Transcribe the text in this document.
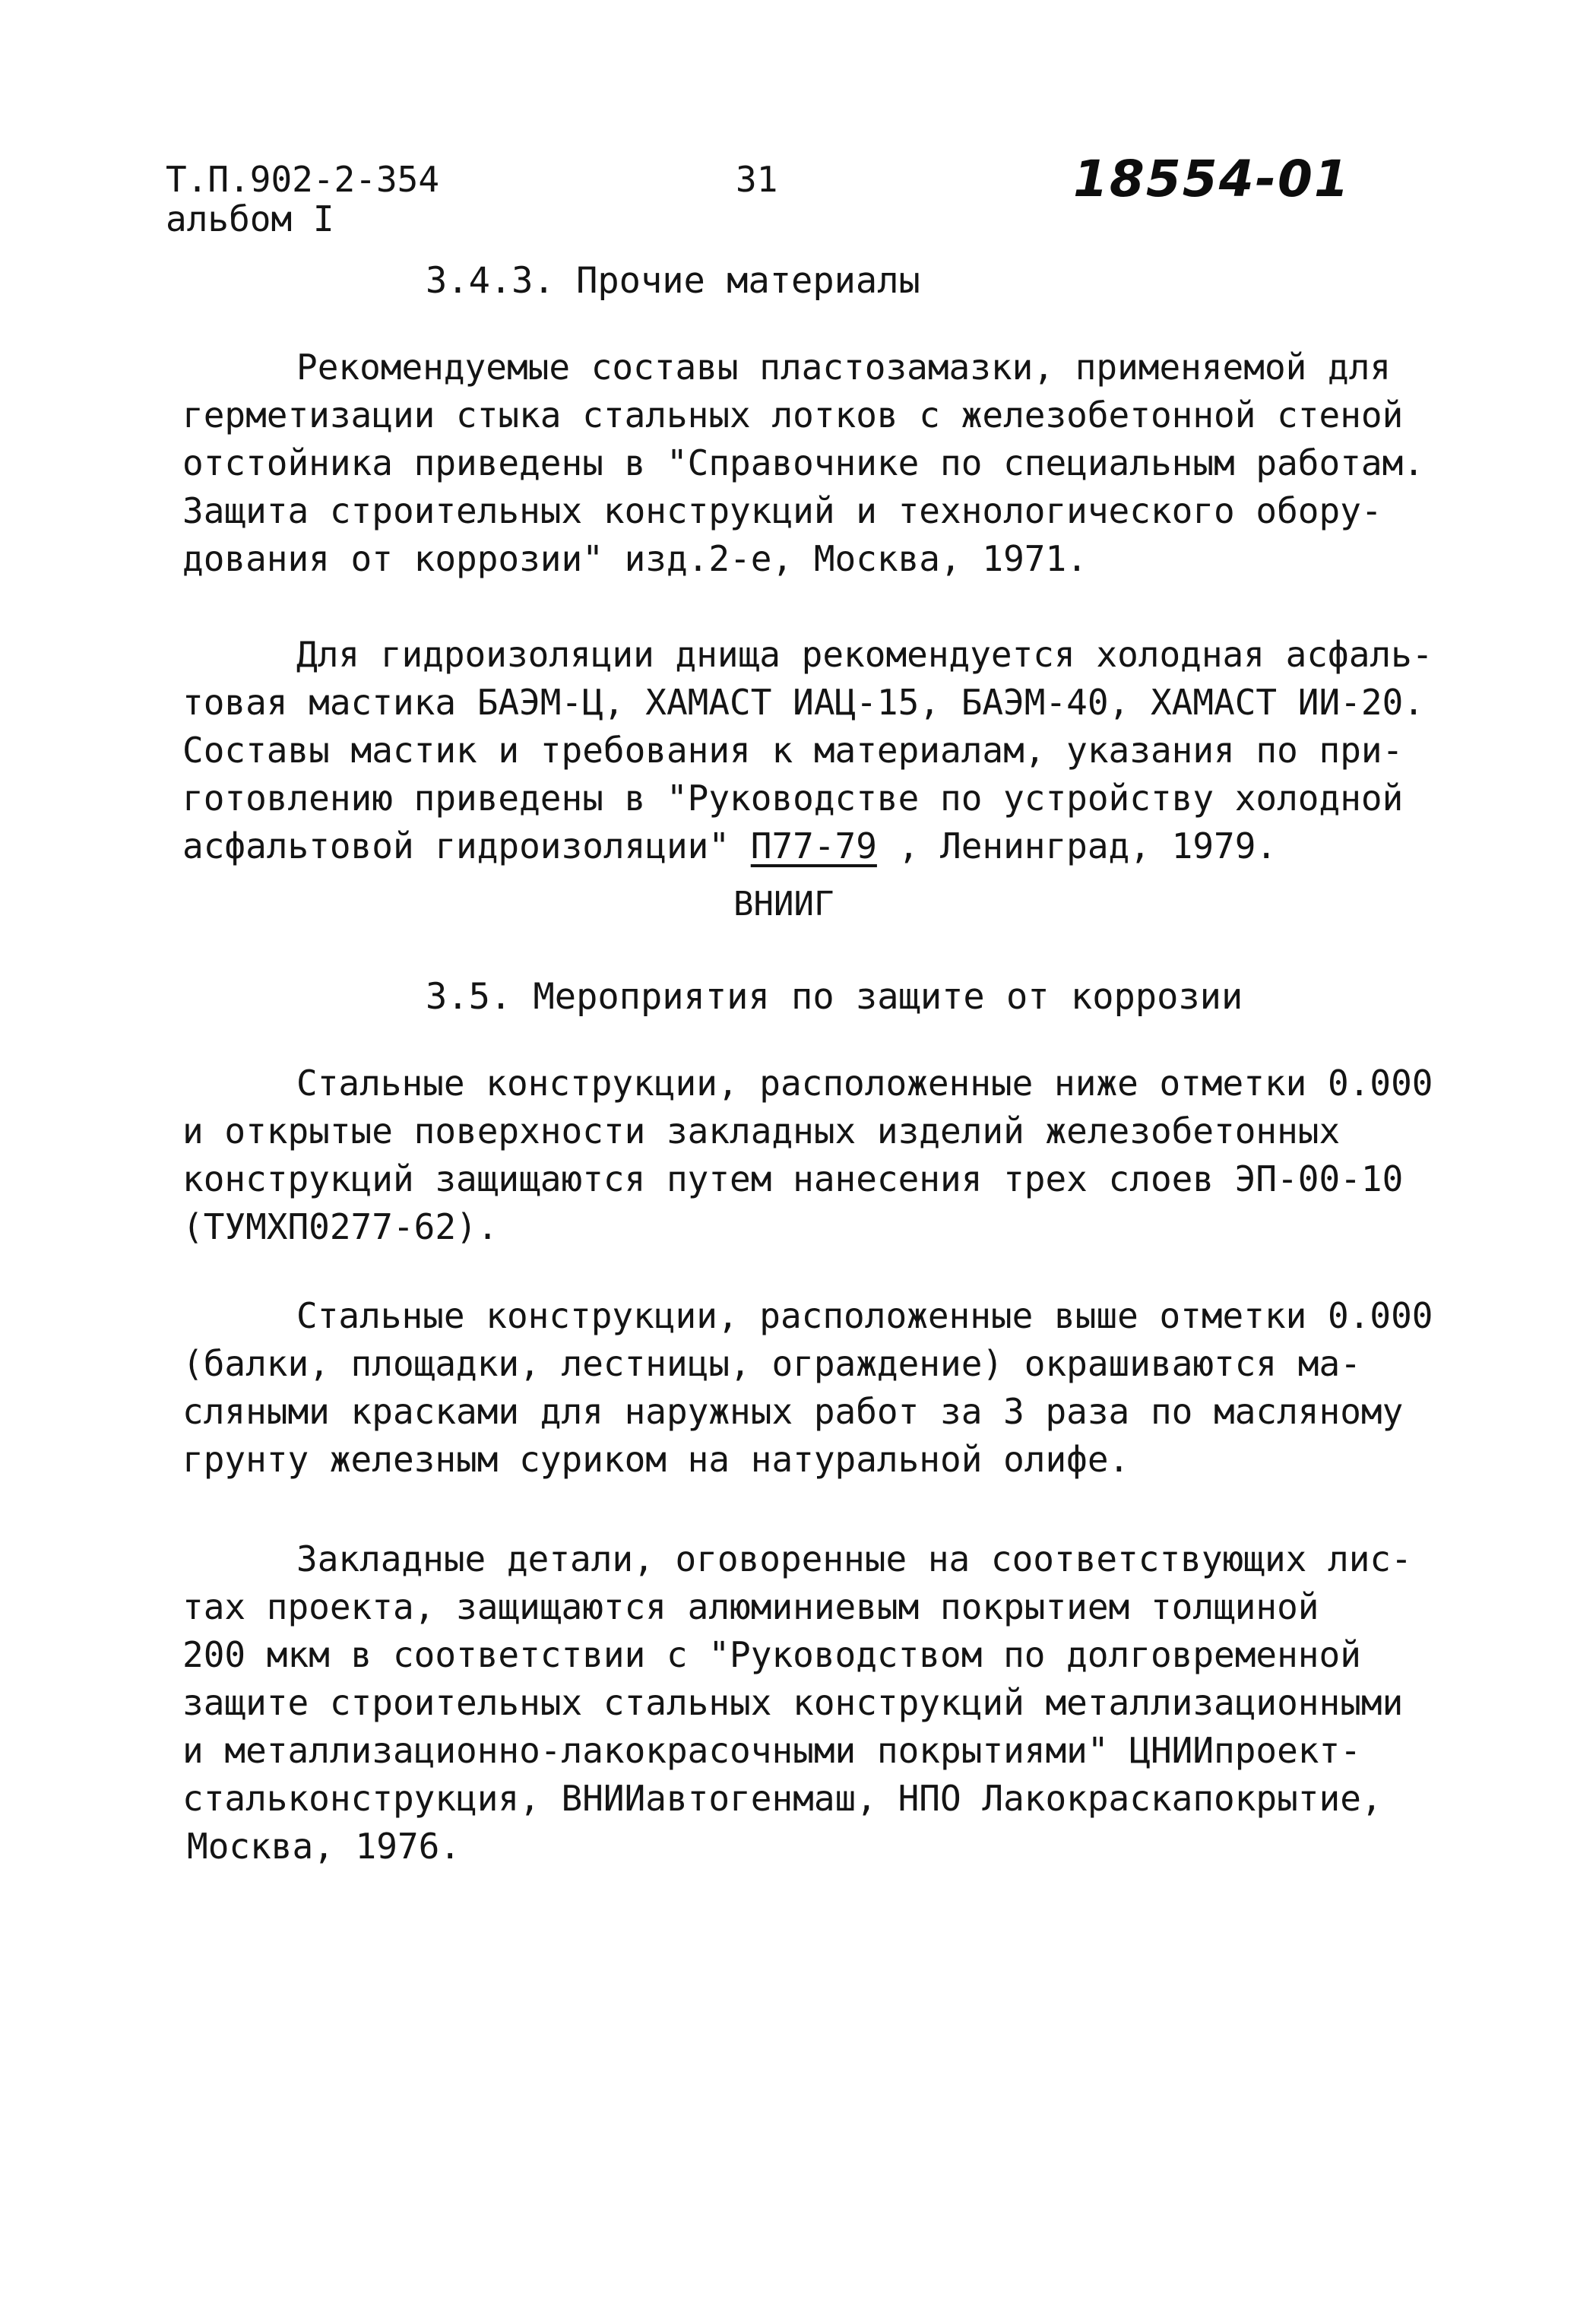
Т.П.902-2-354
альбом I
31	18554-01
3.4.3. Прочие материалы
Рекомендуемые составы пластозамазки, применяемой для
герметизации стыка стальных лотков с железобетонной стеной
отстойника приведены в "Справочнике по специальным работам.
Защита строительных конструкций и технологического обору-
дования от коррозии" изд.2-е, Москва, 1971.
Для гидроизоляции днища рекомендуется холодная асфаль-
товая мастика БАЭМ-Ц, ХАМАСТ ИАЦ-15, БАЭМ-40, ХАМАСТ ИИ-20.
Составы мастик и требования к материалам, указания по при-
готовлению приведены в "Руководстве по устройству холодной
асфальтовой гидроизоляции" П77-79 , Ленинград, 1979.
ВНИИГ
3.5. Мероприятия по защите от коррозии
Стальные конструкции, расположенные ниже отметки 0.000
и открытые поверхности закладных изделий железобетонных
конструкций защищаются путем нанесения трех слоев ЭП-00-10
(ТУМХП0277-62).
Стальные конструкции, расположенные выше отметки 0.000
(балки, площадки, лестницы, ограждение) окрашиваются ма-
сляными красками для наружных работ за 3 раза по масляному
грунту железным суриком на натуральной олифе.
Закладные детали, оговоренные на соответствующих лис-
тах проекта, защищаются алюминиевым покрытием толщиной
200 мкм в соответствии с "Руководством по долговременной
защите строительных стальных конструкций металлизационными
и металлизационно-лакокрасочными покрытиями" ЦНИИпроект-
стальконструкция, ВНИИавтогенмаш, НПО Лакокраскапокрытие,
Москва, 1976.
